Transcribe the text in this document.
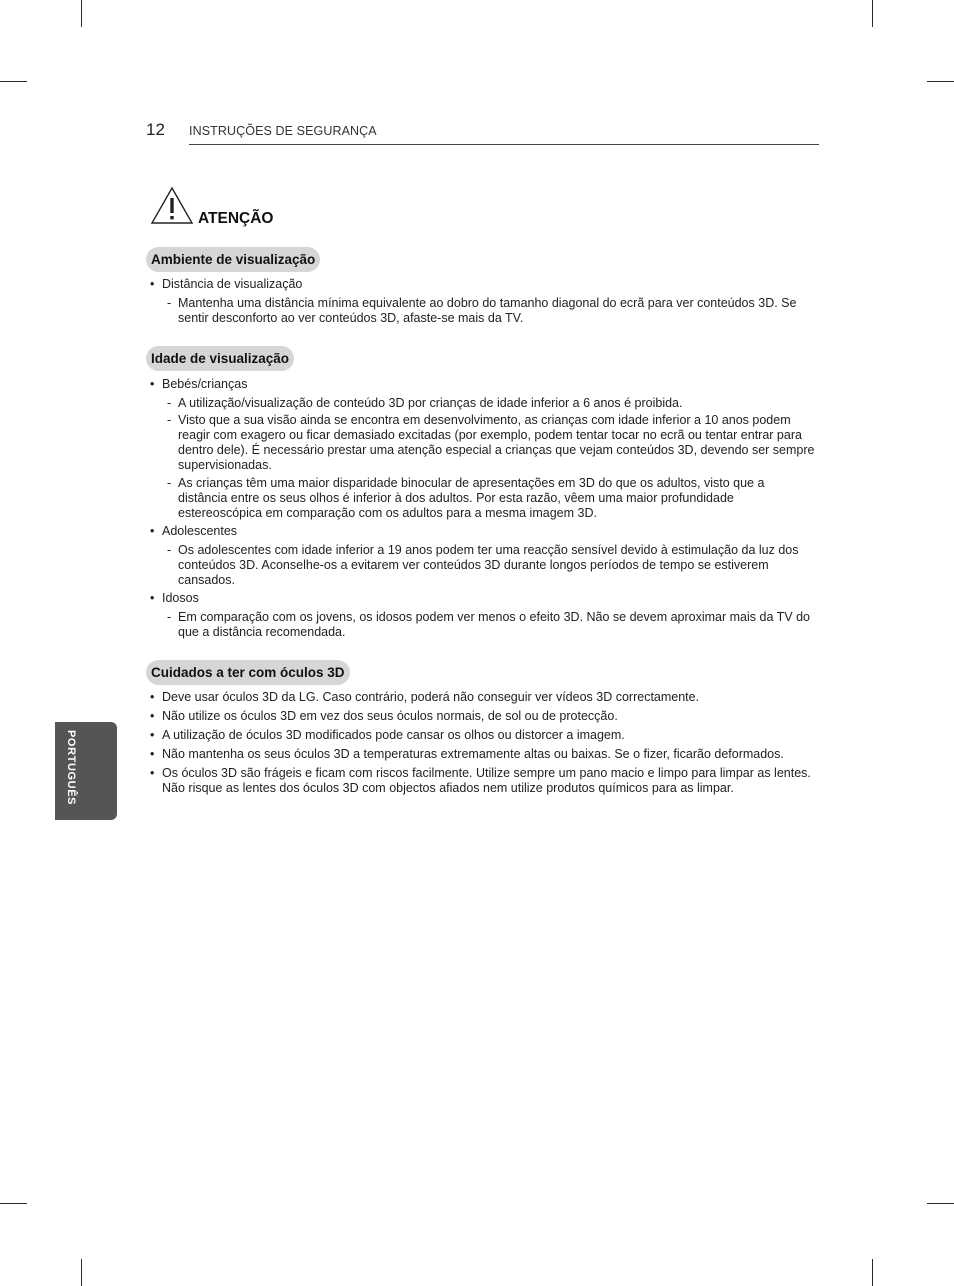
12 INSTRUÇÕES DE SEGURANÇA
ATENÇÃO
Ambiente de visualização
• Distância de visualização
- Mantenha uma distância mínima equivalente ao dobro do tamanho diagonal do ecrã para ver conteúdos 3D. Se sentir desconforto ao ver conteúdos 3D, afaste-se mais da TV.
Idade de visualização
• Bebés/crianças
- A utilização/visualização de conteúdo 3D por crianças de idade inferior a 6 anos é proibida.
- Visto que a sua visão ainda se encontra em desenvolvimento, as crianças com idade inferior a 10 anos podem reagir com exagero ou ficar demasiado excitadas (por exemplo, podem tentar tocar no ecrã ou tentar entrar para dentro dele). É necessário prestar uma atenção especial a crianças que vejam conteúdos 3D, devendo ser sempre supervisionadas.
- As crianças têm uma maior disparidade binocular de apresentações em 3D do que os adultos, visto que a distância entre os seus olhos é inferior à dos adultos. Por esta razão, vêem uma maior profundidade estereoscópica em comparação com os adultos para a mesma imagem 3D.
• Adolescentes
- Os adolescentes com idade inferior a 19 anos podem ter uma reacção sensível devido à estimulação da luz dos conteúdos 3D. Aconselhe-os a evitarem ver conteúdos 3D durante longos períodos de tempo se estiverem cansados.
• Idosos
- Em comparação com os jovens, os idosos podem ver menos o efeito 3D. Não se devem aproximar mais da TV do que a distância recomendada.
Cuidados a ter com óculos 3D
• Deve usar óculos 3D da LG. Caso contrário, poderá não conseguir ver vídeos 3D correctamente.
• Não utilize os óculos 3D em vez dos seus óculos normais, de sol ou de protecção.
• A utilização de óculos 3D modificados pode cansar os olhos ou distorcer a imagem.
• Não mantenha os seus óculos 3D a temperaturas extremamente altas ou baixas. Se o fizer, ficarão deformados.
• Os óculos 3D são frágeis e ficam com riscos facilmente. Utilize sempre um pano macio e limpo para limpar as lentes. Não risque as lentes dos óculos 3D com objectos afiados nem utilize produtos químicos para as limpar.
PORTUGUÊS
